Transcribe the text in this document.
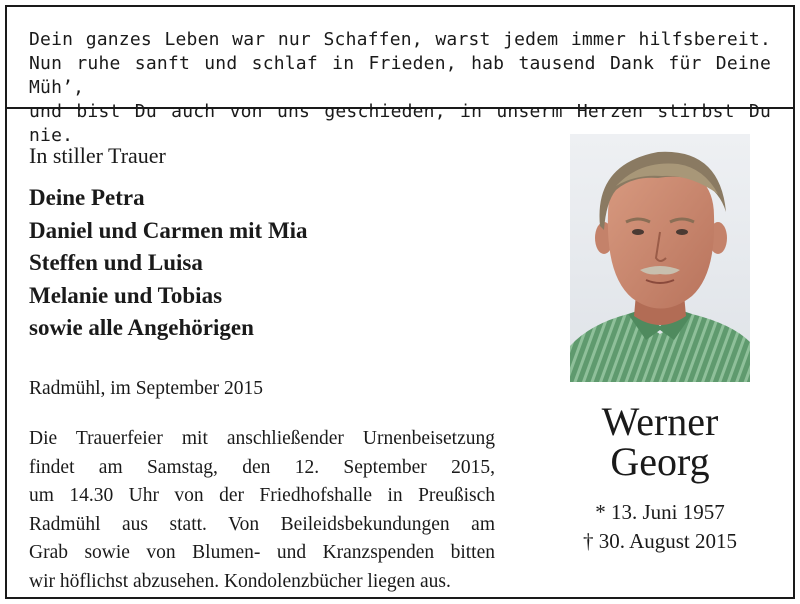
Dein ganzes Leben war nur Schaffen, warst jedem immer hilfsbereit.
Nun ruhe sanft und schlaf in Frieden, hab tausend Dank für Deine Müh’,
und bist Du auch von uns geschieden, in unserm Herzen stirbst Du nie.
In stiller Trauer
Deine Petra
Daniel und Carmen mit Mia
Steffen und Luisa
Melanie und Tobias
sowie alle Angehörigen
Radmühl, im September 2015
Die Trauerfeier mit anschließender Urnenbeisetzung
findet am Samstag, den 12. September 2015,
um 14.30 Uhr von der Friedhofshalle in Preußisch
Radmühl aus statt. Von Beileidsbekundungen am
Grab sowie von Blumen- und Kranzspenden bitten
wir höflichst abzusehen. Kondolenzbücher liegen aus.
Werner
Georg
* 13. Juni 1957
† 30. August 2015
